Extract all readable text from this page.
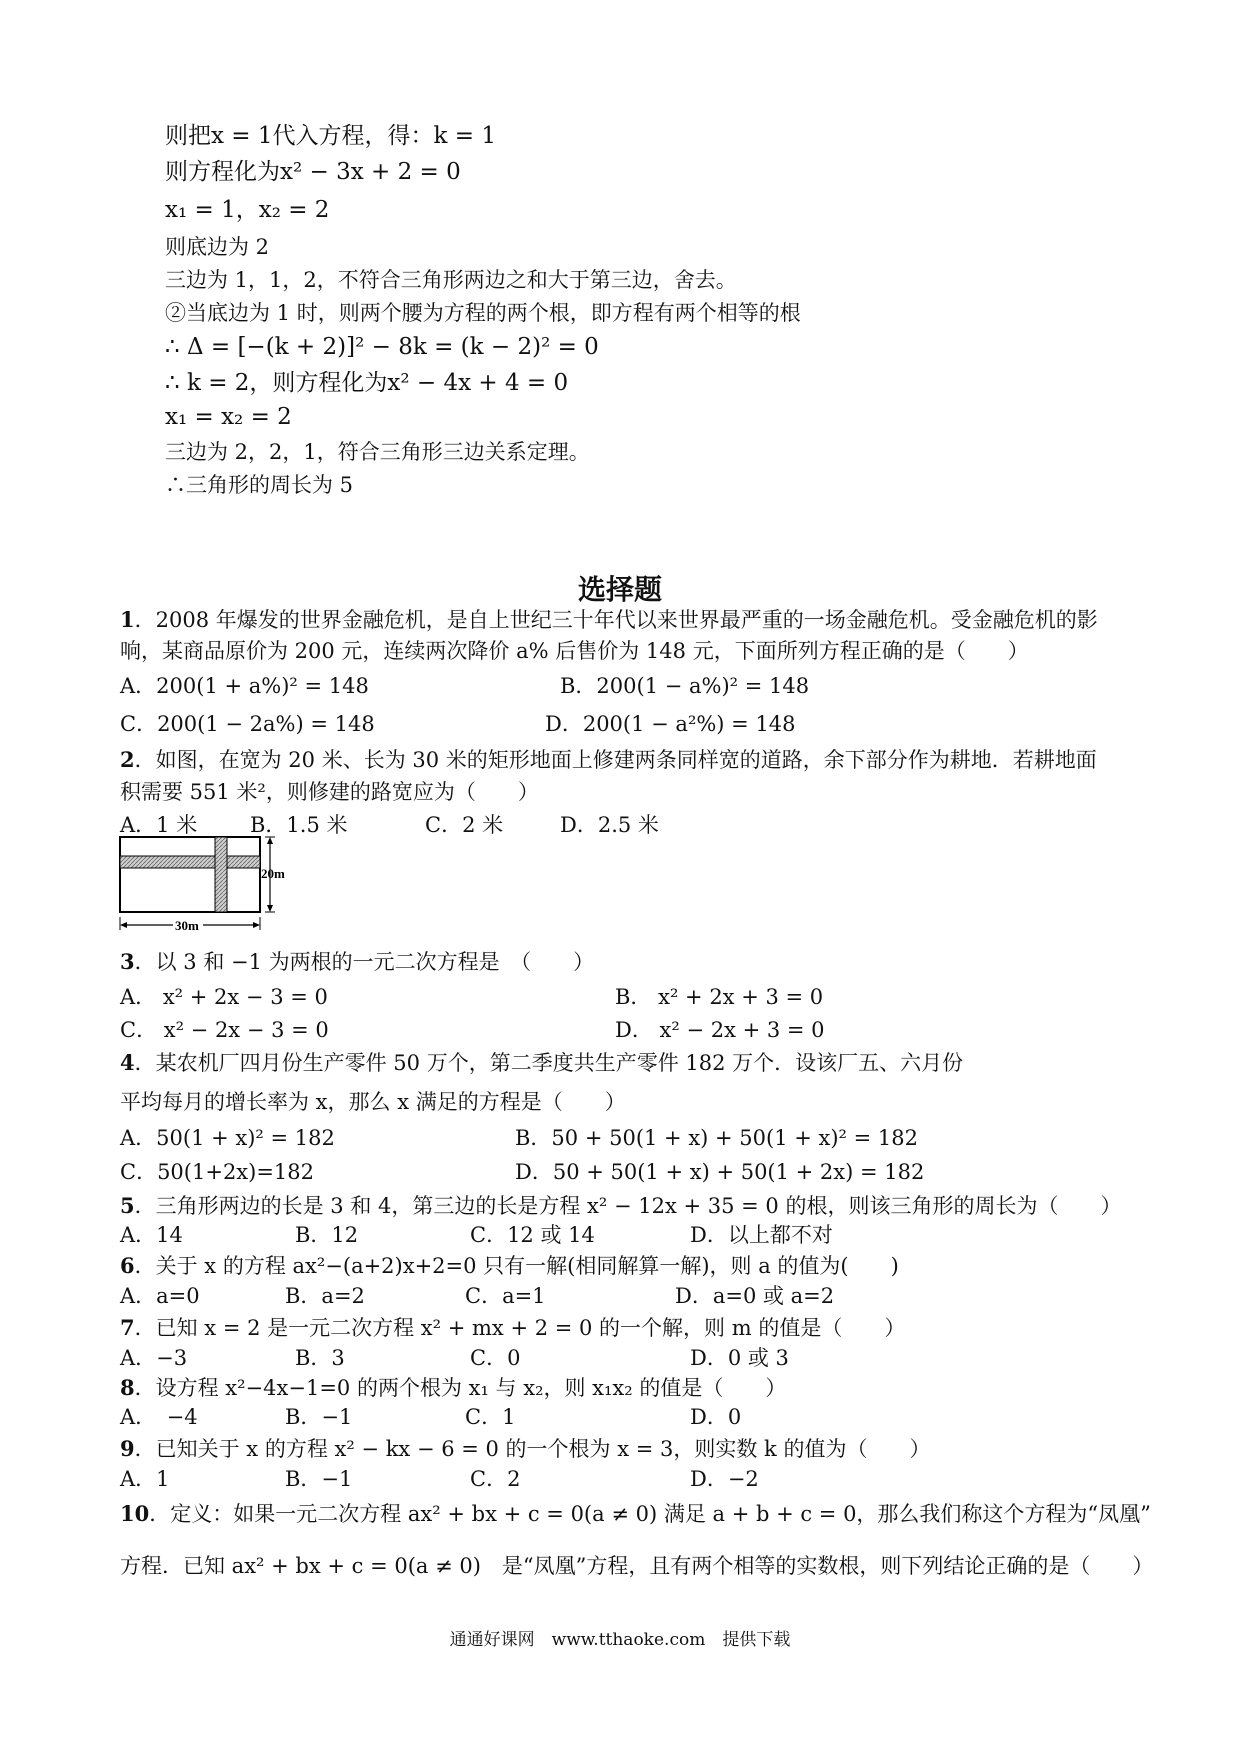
则把x = 1代入方程，得：k = 1
则方程化为x² − 3x + 2 = 0
x₁ = 1，x₂ = 2
则底边为 2
三边为 1，1，2，不符合三角形两边之和大于第三边，舍去。
②当底边为 1 时，则两个腰为方程的两个根，即方程有两个相等的根
∴ Δ = [−(k + 2)]² − 8k = (k − 2)² = 0
∴ k = 2，则方程化为x² − 4x + 4 = 0
x₁ = x₂ = 2
三边为 2，2，1，符合三角形三边关系定理。
∴三角形的周长为 5
选择题
1．2008 年爆发的世界金融危机，是自上世纪三十年代以来世界最严重的一场金融危机。受金融危机的影
响，某商品原价为 200 元，连续两次降价 a% 后售价为 148 元，下面所列方程正确的是（　　）
A．200(1 + a%)² = 148	B．200(1 − a%)² = 148
C．200(1 − 2a%) = 148	D．200(1 − a²%) = 148
2．如图，在宽为 20 米、长为 30 米的矩形地面上修建两条同样宽的道路，余下部分作为耕地．若耕地面
积需要 551 米²，则修建的路宽应为（　　）
A．1 米	B．1.5 米	C．2 米	D．2.5 米
20m
30m
3．以 3 和 −1 为两根的一元二次方程是　（　　）
A． x² + 2x − 3 = 0	B． x² + 2x + 3 = 0
C． x² − 2x − 3 = 0	D． x² − 2x + 3 = 0
4．某农机厂四月份生产零件 50 万个，第二季度共生产零件 182 万个．设该厂五、六月份
平均每月的增长率为 x，那么 x 满足的方程是（　　）
A．50(1 + x)² = 182	B．50 + 50(1 + x) + 50(1 + x)² = 182
C．50(1+2x)=182	D．50 + 50(1 + x) + 50(1 + 2x) = 182
5．三角形两边的长是 3 和 4，第三边的长是方程 x² − 12x + 35 = 0 的根，则该三角形的周长为（　　）
A．14	B．12	C．12 或 14	D．以上都不对
6．关于 x 的方程 ax²−(a+2)x+2=0 只有一解(相同解算一解)，则 a 的值为(　　)
A．a=0	B．a=2	C．a=1	D．a=0 或 a=2
7．已知 x = 2 是一元二次方程 x² + mx + 2 = 0 的一个解，则 m 的值是（　　）
A．−3	B．3	C．0	D．0 或 3
8．设方程 x²−4x−1=0 的两个根为 x₁ 与 x₂，则 x₁x₂ 的值是（　　）
A．　−4	B．−1	C．1	D．0
9．已知关于 x 的方程 x² − kx − 6 = 0 的一个根为 x = 3，则实数 k 的值为（　　）
A．1	B．−1	C．2	D．−2
10．定义：如果一元二次方程 ax² + bx + c = 0(a ≠ 0) 满足 a + b + c = 0，那么我们称这个方程为“凤凰”
方程．已知 ax² + bx + c = 0(a ≠ 0)　是“凤凰”方程，且有两个相等的实数根，则下列结论正确的是（　　）
通通好课网　www.tthaoke.com　提供下载
